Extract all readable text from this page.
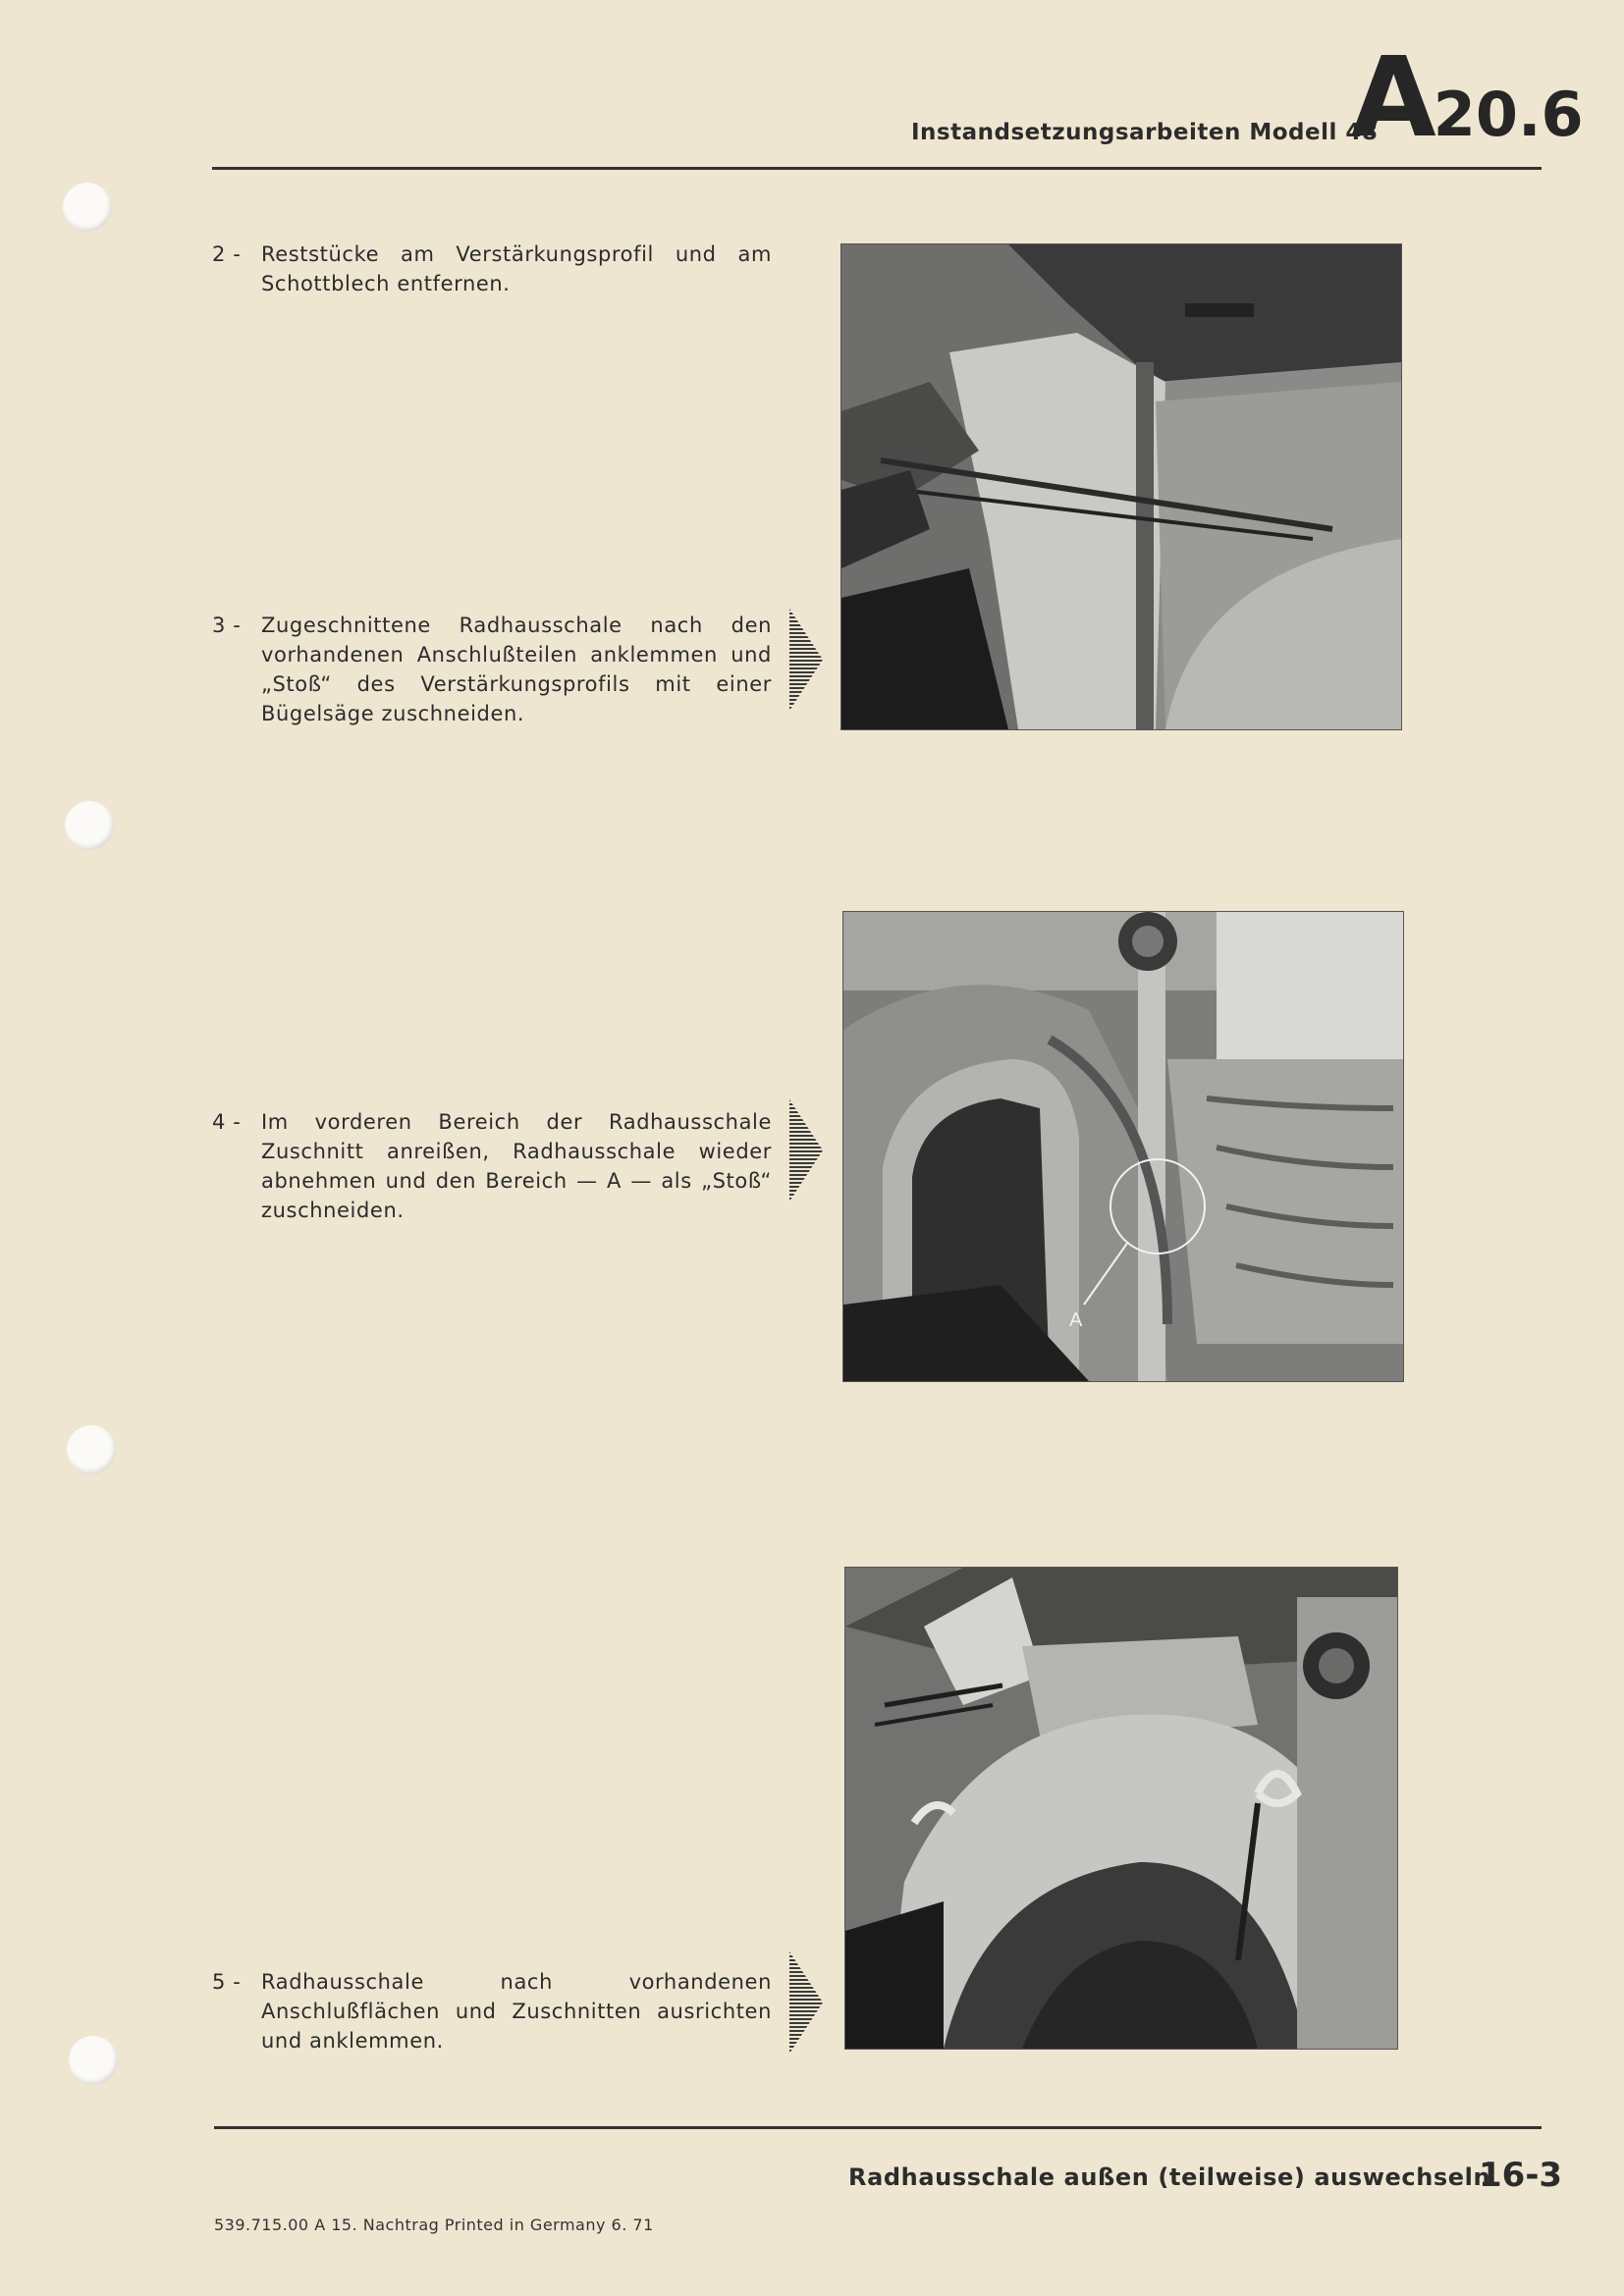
Instandsetzungsarbeiten Modell 48
A20.6
2 - Reststücke am Verstärkungsprofil und am Schottblech entfernen.
3 - Zugeschnittene Radhausschale nach den vorhandenen Anschlußteilen anklemmen und „Stoß“ des Verstärkungsprofils mit einer Bügelsäge zuschneiden.
4 - Im vorderen Bereich der Radhausschale Zuschnitt anreißen, Radhausschale wieder abnehmen und den Bereich — A — als „Stoß“ zuschneiden.
5 - Radhausschale nach vorhandenen Anschlußflächen und Zuschnitten ausrichten und anklemmen.
A
Radhausschale außen (teilweise) auswechseln
16-3
539.715.00 A 15. Nachtrag Printed in Germany 6. 71
